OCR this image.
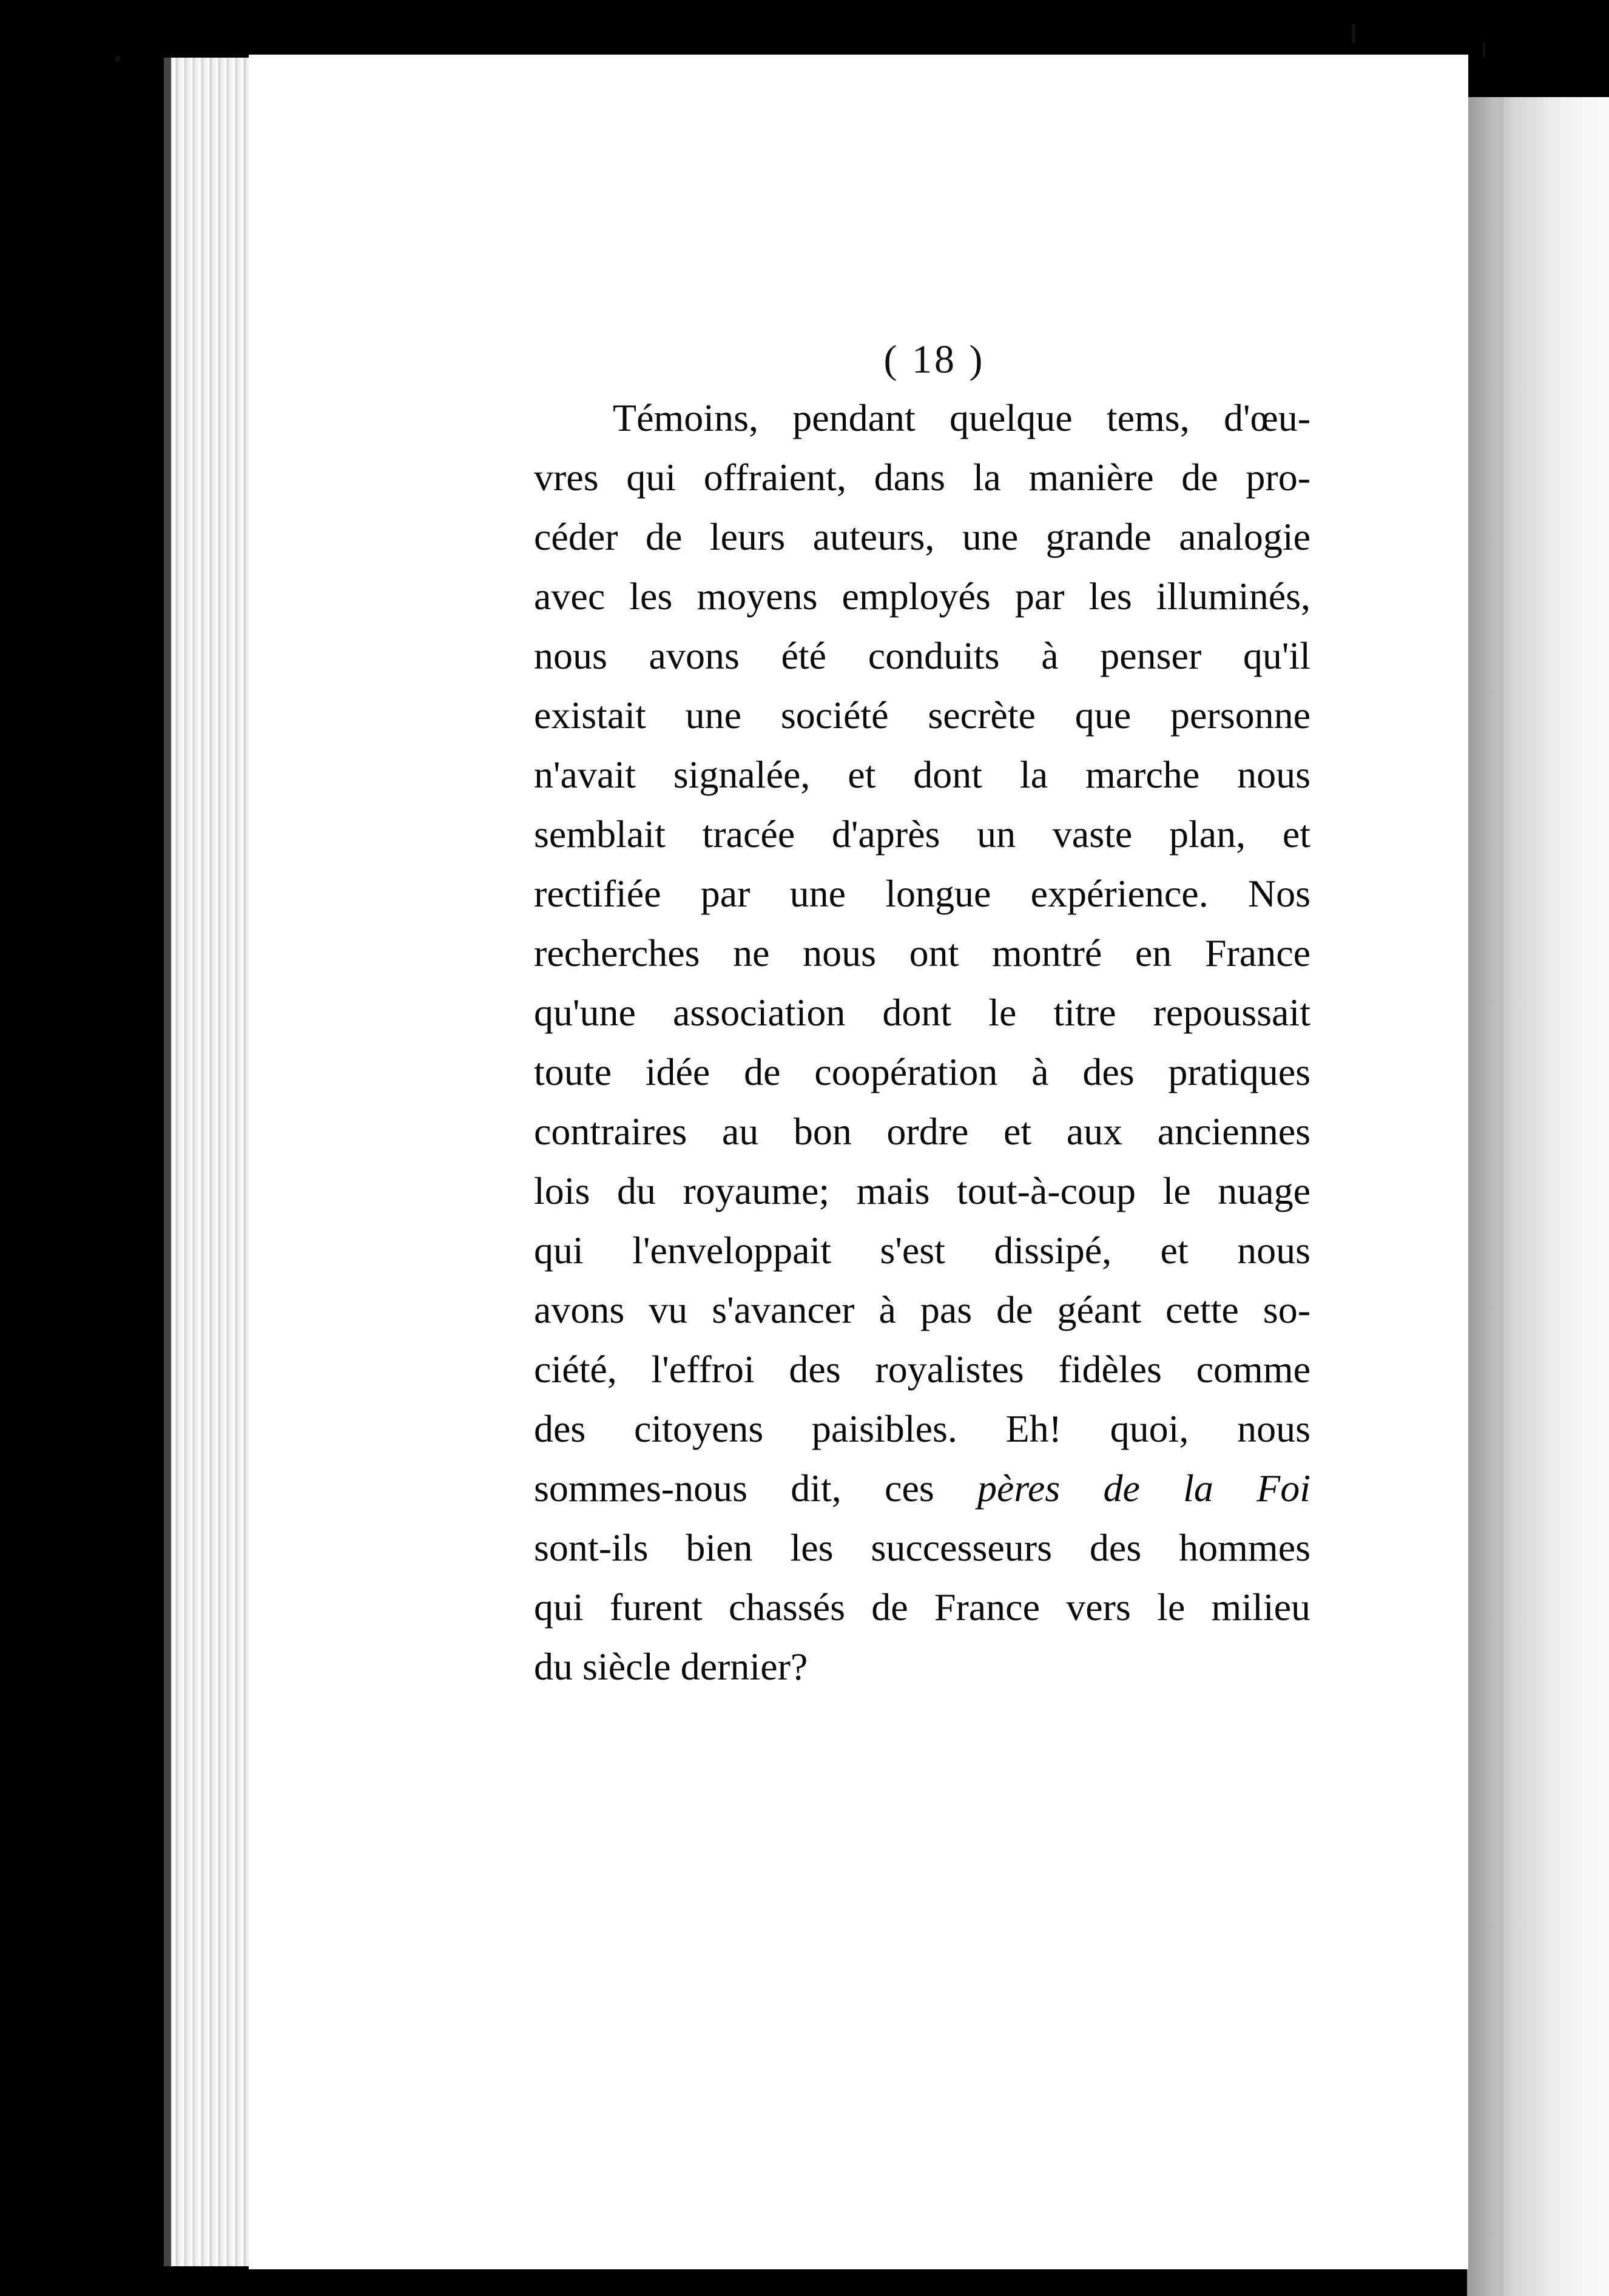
( 18 )
Témoins, pendant quelque tems, d'œu-
vres qui offraient, dans la manière de pro-
céder de leurs auteurs, une grande analogie
avec les moyens employés par les illuminés,
nous avons été conduits à penser qu'il
existait une société secrète que personne
n'avait signalée, et dont la marche nous
semblait tracée d'après un vaste plan, et
rectifiée par une longue expérience. Nos
recherches ne nous ont montré en France
qu'une association dont le titre repoussait
toute idée de coopération à des pratiques
contraires au bon ordre et aux anciennes
lois du royaume; mais tout-à-coup le nuage
qui l'enveloppait s'est dissipé, et nous
avons vu s'avancer à pas de géant cette so-
ciété, l'effroi des royalistes fidèles comme
des citoyens paisibles. Eh! quoi, nous
sommes-nous dit, ces pères de la Foi
sont-ils bien les successeurs des hommes
qui furent chassés de France vers le milieu
du siècle dernier?
